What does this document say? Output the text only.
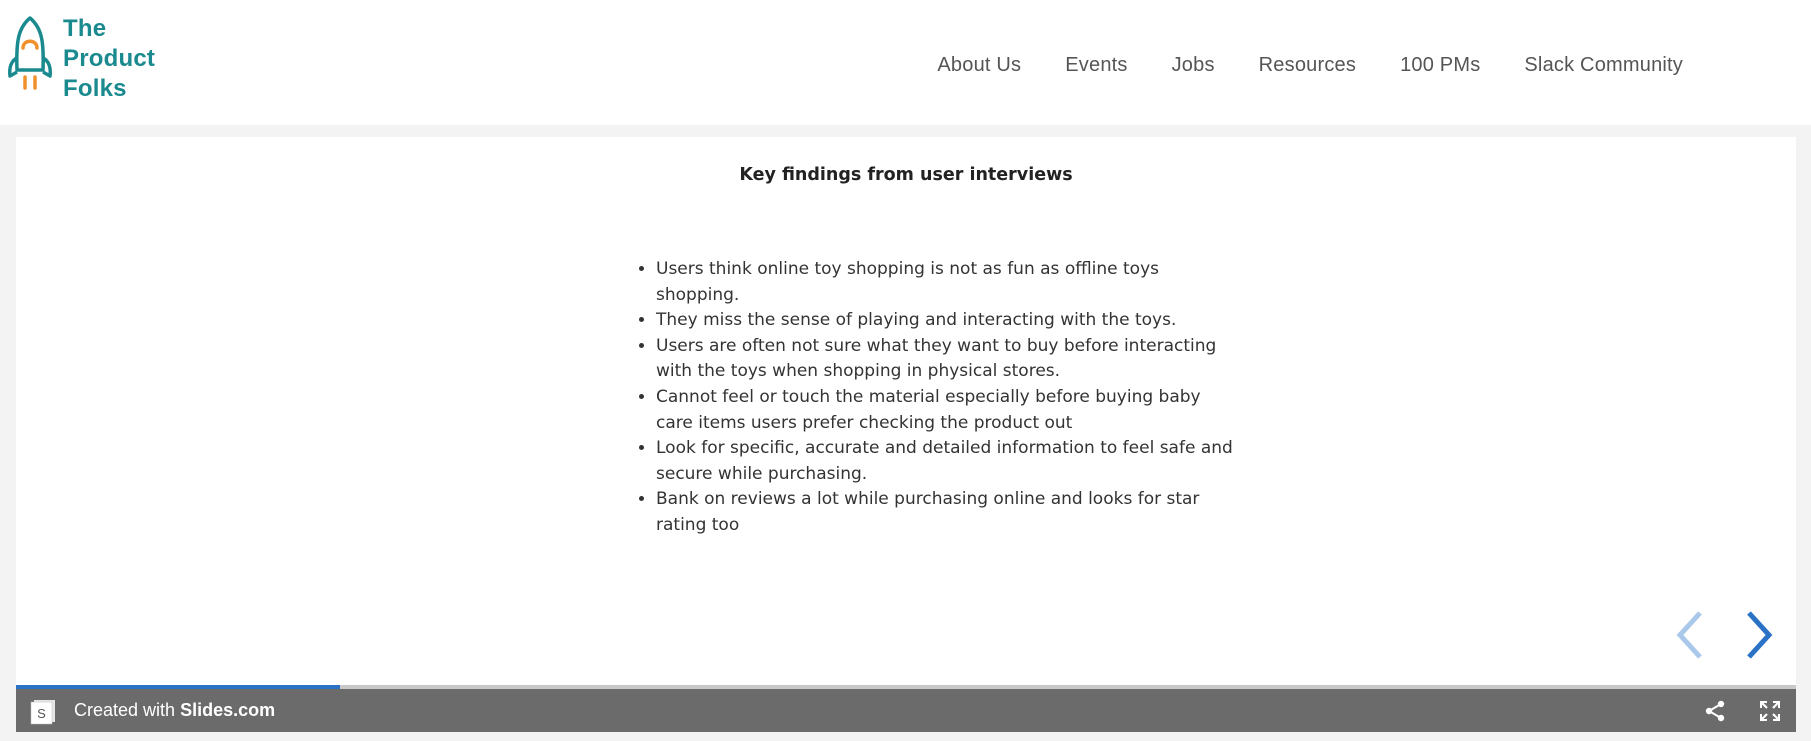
The
Product
Folks
About Us Events Jobs Resources 100 PMs Slack Community
Key findings from user interviews
• Users think online toy shopping is not as fun as offline toys shopping.
• They miss the sense of playing and interacting with the toys.
• Users are often not sure what they want to buy before interacting with the toys when shopping in physical stores.
• Cannot feel or touch the material especially before buying baby care items users prefer checking the product out
• Look for specific, accurate and detailed information to feel safe and secure while purchasing.
• Bank on reviews a lot while purchasing online and looks for star rating too
S Created with Slides.com
